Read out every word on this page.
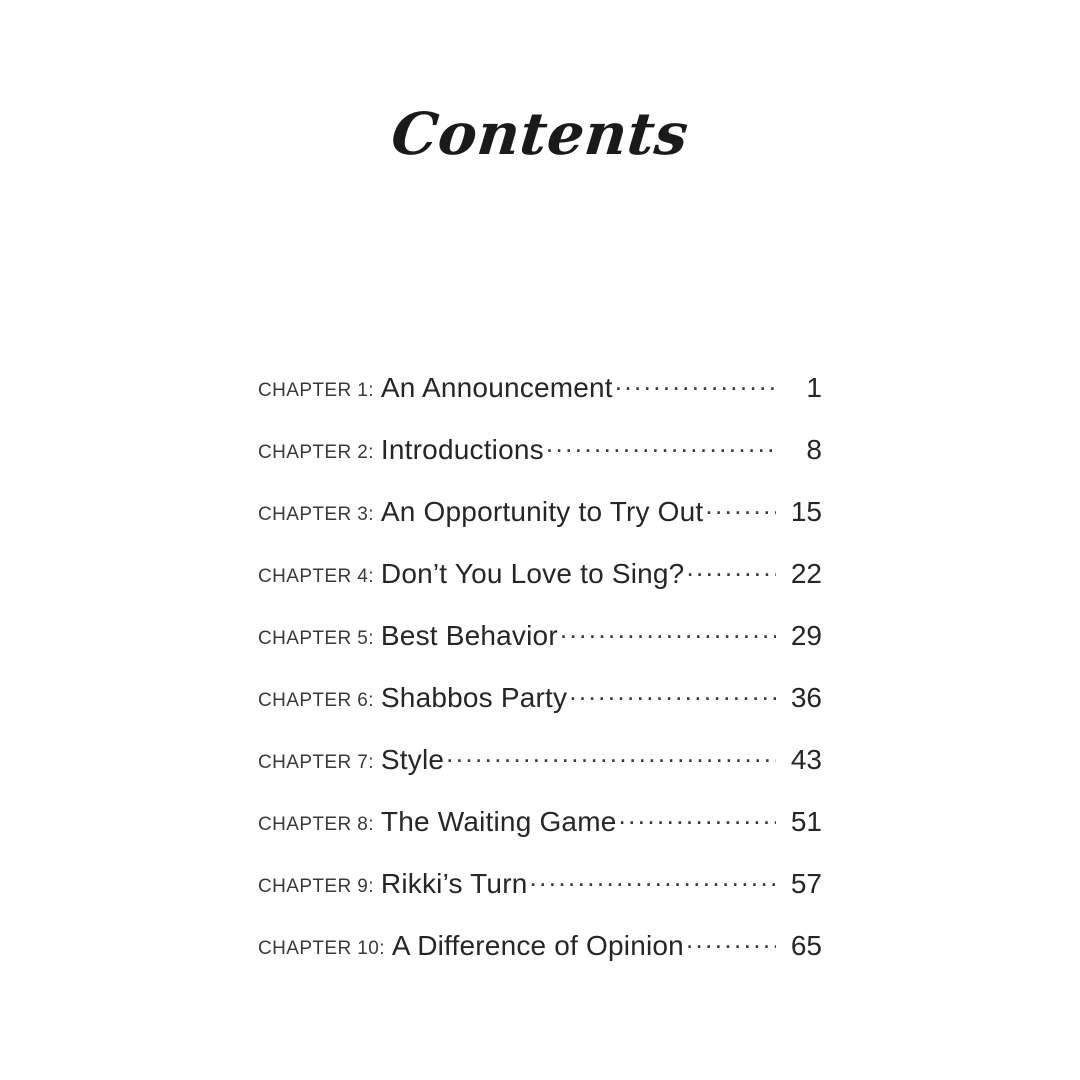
Contents
CHAPTER 1: An Announcement .....	1
CHAPTER 2: Introductions .....	8
CHAPTER 3: An Opportunity to Try Out .....	15
CHAPTER 4: Don’t You Love to Sing? .....	22
CHAPTER 5: Best Behavior .....	29
CHAPTER 6: Shabbos Party .....	36
CHAPTER 7: Style .....	43
CHAPTER 8: The Waiting Game .....	51
CHAPTER 9: Rikki’s Turn .....	57
CHAPTER 10: A Difference of Opinion .....	65
